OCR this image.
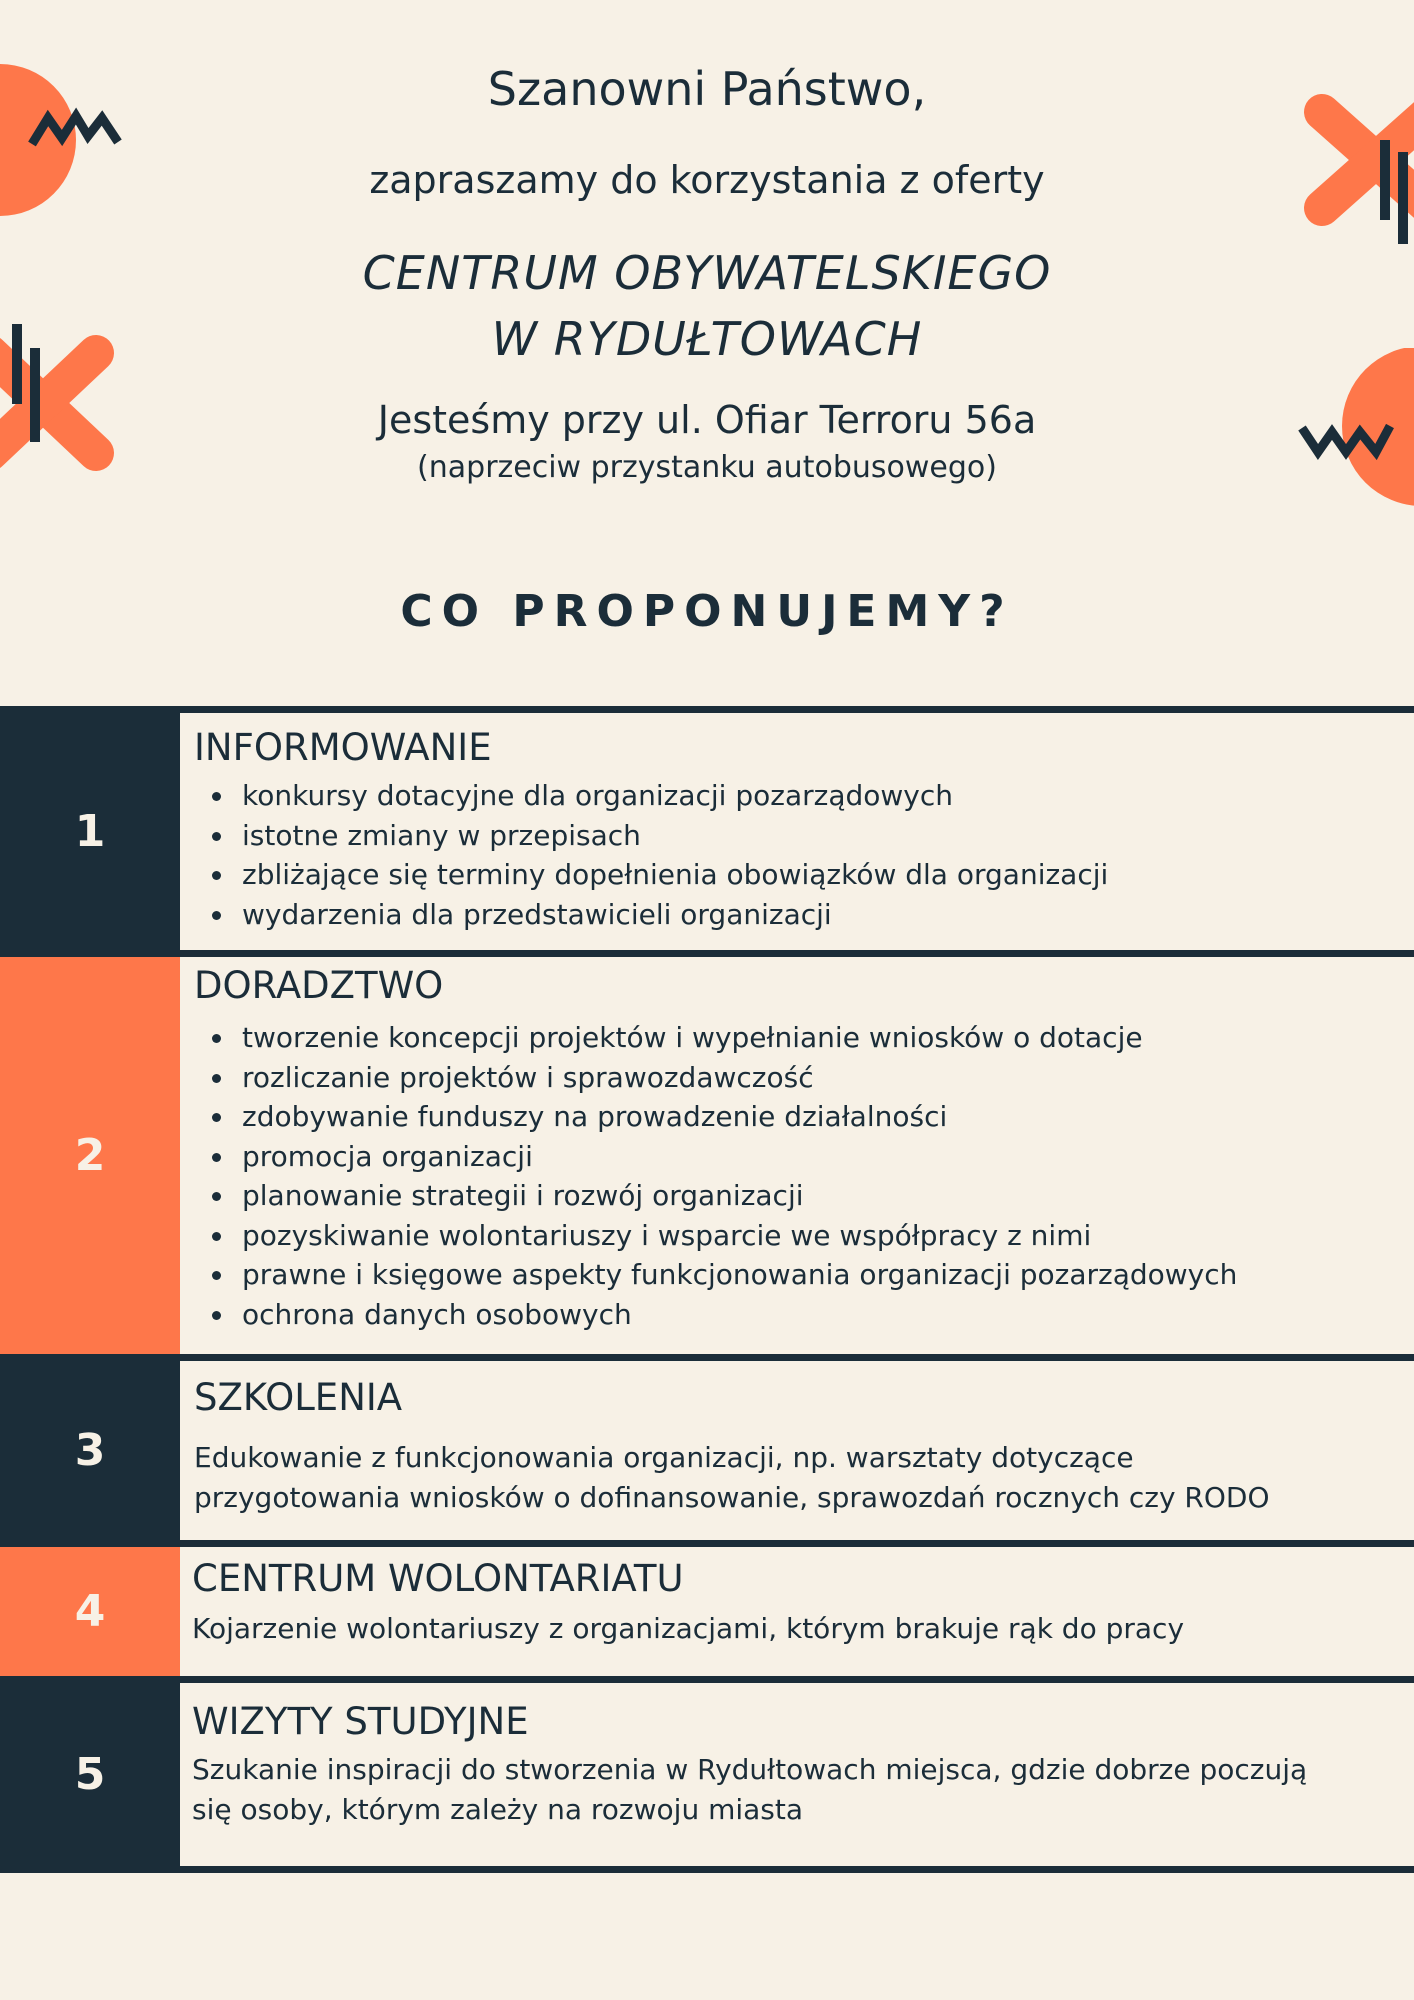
Szanowni Państwo,
zapraszamy do korzystania z oferty
CENTRUM OBYWATELSKIEGO
W RYDUŁTOWACH
Jesteśmy przy ul. Ofiar Terroru 56a
(naprzeciw przystanku autobusowego)
CO PROPONUJEMY?
1
INFORMOWANIE
konkursy dotacyjne dla organizacji pozarządowych
istotne zmiany w przepisach
zbliżające się terminy dopełnienia obowiązków dla organizacji
wydarzenia dla przedstawicieli organizacji
2
DORADZTWO
tworzenie koncepcji projektów i wypełnianie wniosków o dotacje
rozliczanie projektów i sprawozdawczość
zdobywanie funduszy na prowadzenie działalności
promocja organizacji
planowanie strategii i rozwój organizacji
pozyskiwanie wolontariuszy i wsparcie we współpracy z nimi
prawne i księgowe aspekty funkcjonowania organizacji pozarządowych
ochrona danych osobowych
3
SZKOLENIA

Edukowanie z funkcjonowania organizacji, np. warsztaty dotyczące

przygotowania wniosków o dofinansowanie, sprawozdań rocznych czy RODO

4
CENTRUM WOLONTARIATU

Kojarzenie wolontariuszy z organizacjami, którym brakuje rąk do pracy

5
WIZYTY STUDYJNE

Szukanie inspiracji do stworzenia w Rydułtowach miejsca, gdzie dobrze poczują

się osoby, którym zależy na rozwoju miasta
